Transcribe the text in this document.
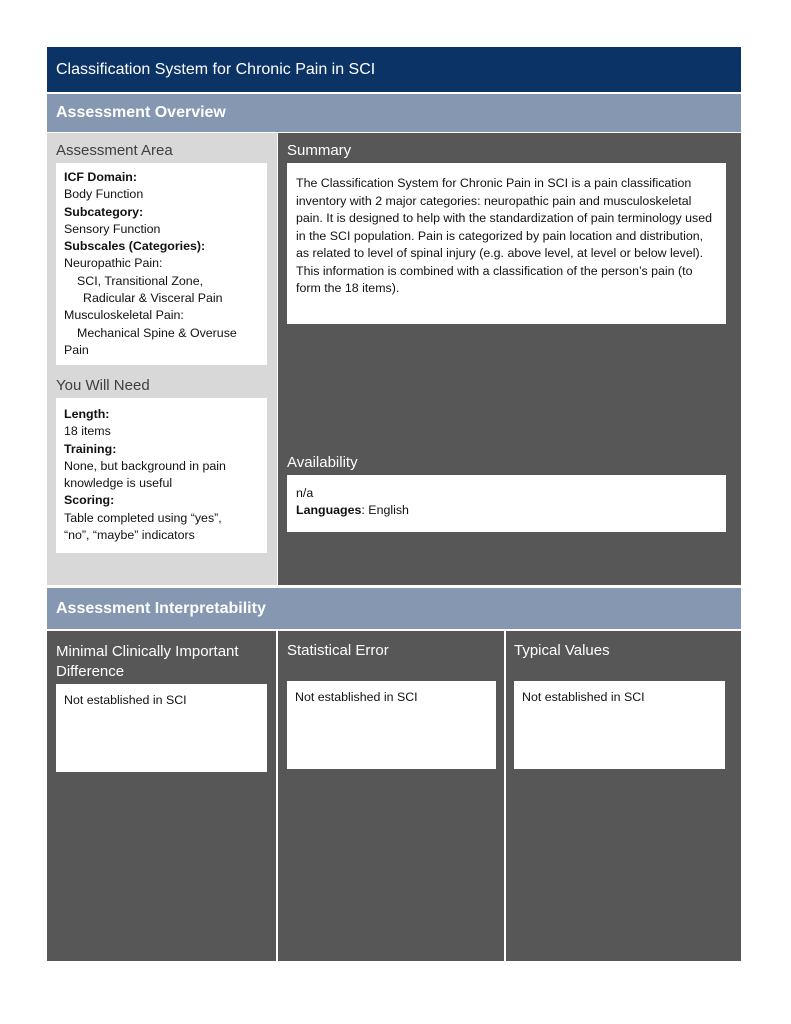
Classification System for Chronic Pain in SCI
Assessment Overview
Assessment Area
ICF Domain:
Body Function
Subcategory:
Sensory Function
Subscales (Categories):
Neuropathic Pain:
SCI, Transitional Zone,
Radicular & Visceral Pain
Musculoskeletal Pain:
Mechanical Spine & Overuse
Pain
You Will Need
Length:
18 items
Training:
None, but background in pain
knowledge is useful
Scoring:
Table completed using “yes”,
“no”, “maybe” indicators
Summary
The Classification System for Chronic Pain in SCI is a pain classification inventory with 2 major categories: neuropathic pain and musculoskeletal pain. It is designed to help with the standardization of pain terminology used in the SCI population. Pain is categorized by pain location and distribution, as related to level of spinal injury (e.g. above level, at level or below level). This information is combined with a classification of the person’s pain (to form the 18 items).
Availability
n/a
Languages: English
Assessment Interpretability
Minimal Clinically Important
Difference
Not established in SCI
Statistical Error
Not established in SCI
Typical Values
Not established in SCI
